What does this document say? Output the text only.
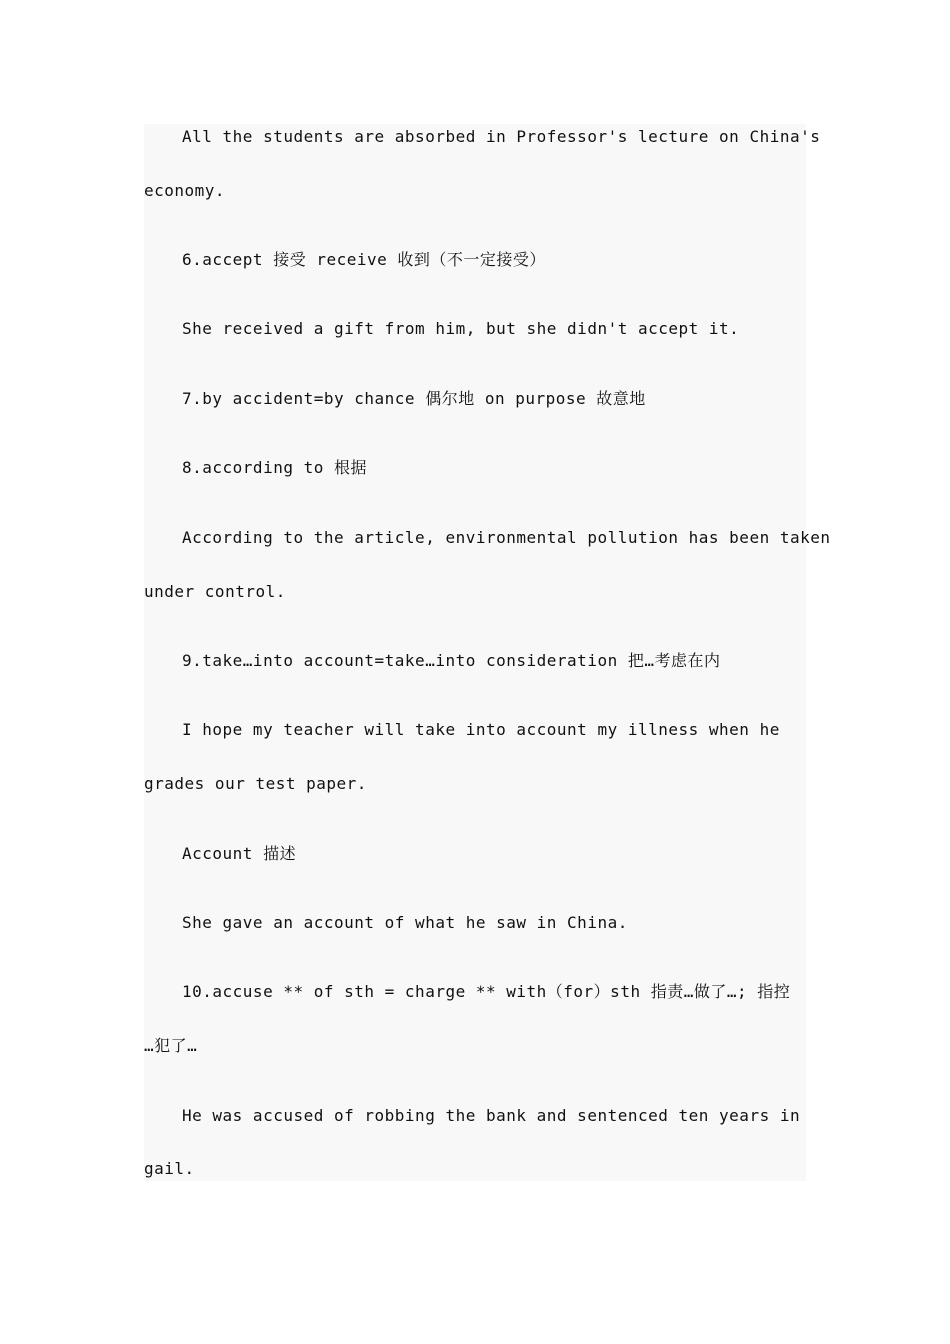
All the students are absorbed in Professor's lecture on China's
economy.
6.accept 接受 receive 收到（不一定接受）
She received a gift from him, but she didn't accept it.
7.by accident=by chance 偶尔地 on purpose 故意地
8.according to 根据
According to the article, environmental pollution has been taken
under control.
9.take…into account=take…into consideration 把…考虑在内
I hope my teacher will take into account my illness when he
grades our test paper.
Account 描述
She gave an account of what he saw in China.
10.accuse ** of sth = charge ** with（for）sth 指责…做了…; 指控
…犯了…
He was accused of robbing the bank and sentenced ten years in
gail.
